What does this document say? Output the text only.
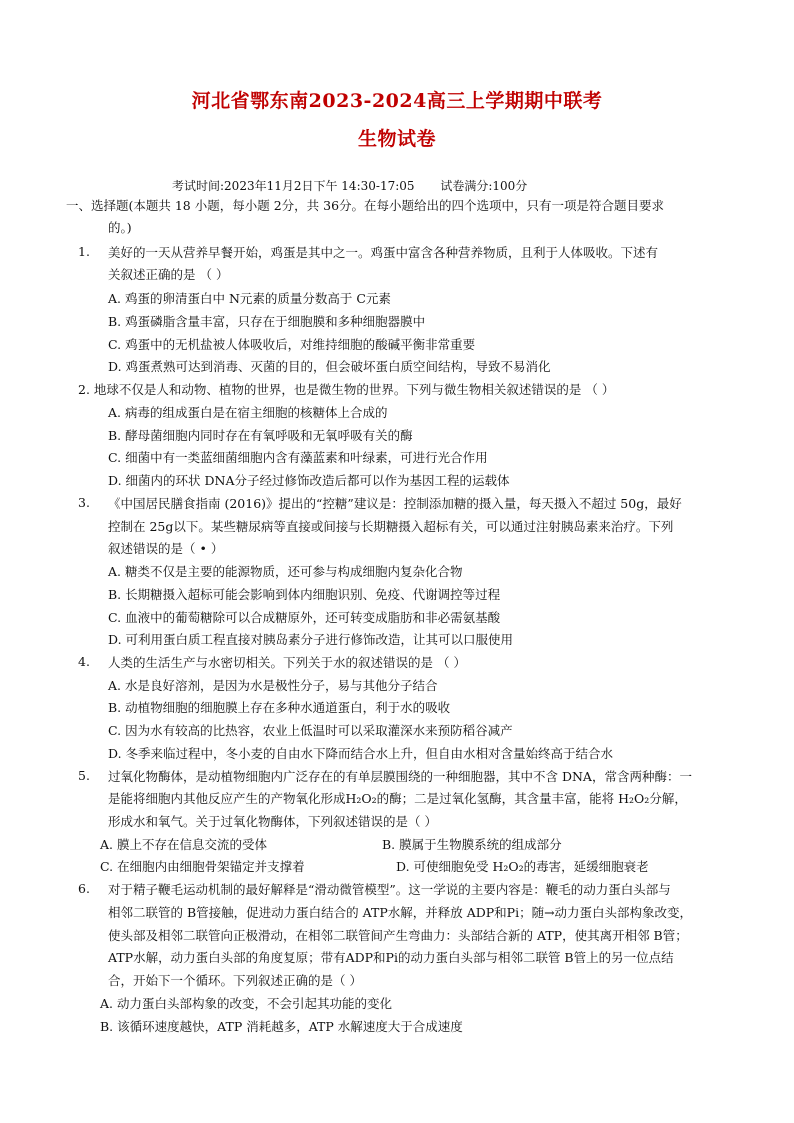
河北省鄂东南2023-2024高三上学期期中联考
生物试卷
考试时间:2023年11月2日下午 14:30-17:05 试卷满分:100分
一、选择题(本题共 18 小题，每小题 2分，共 36分。在每小题给出的四个选项中，只有一项是符合题目要求
的。)
1. 美好的一天从营养早餐开始，鸡蛋是其中之一。鸡蛋中富含各种营养物质，且利于人体吸收。下述有
关叙述正确的是 （ ）
A. 鸡蛋的卵清蛋白中 N元素的质量分数高于 C元素
B. 鸡蛋磷脂含量丰富，只存在于细胞膜和多种细胞器膜中
C. 鸡蛋中的无机盐被人体吸收后，对维持细胞的酸碱平衡非常重要
D. 鸡蛋煮熟可达到消毒、灭菌的目的，但会破坏蛋白质空间结构，导致不易消化
2. 地球不仅是人和动物、植物的世界，也是微生物的世界。下列与微生物相关叙述错误的是 （ ）
A. 病毒的组成蛋白是在宿主细胞的核糖体上合成的
B. 酵母菌细胞内同时存在有氧呼吸和无氧呼吸有关的酶
C. 细菌中有一类蓝细菌细胞内含有藻蓝素和叶绿素，可进行光合作用
D. 细菌内的环状 DNA分子经过修饰改造后都可以作为基因工程的运载体
3. 《中国居民膳食指南 (2016)》提出的“控糖”建议是：控制添加糖的摄入量，每天摄入不超过 50g，最好
控制在 25g以下。某些糖尿病等直接或间接与长期糖摄入超标有关，可以通过注射胰岛素来治疗。下列
叙述错误的是（ • ）
A. 糖类不仅是主要的能源物质，还可参与构成细胞内复杂化合物
B. 长期糖摄入超标可能会影响到体内细胞识别、免疫、代谢调控等过程
C. 血液中的葡萄糖除可以合成糖原外，还可转变成脂肪和非必需氨基酸
D. 可利用蛋白质工程直接对胰岛素分子进行修饰改造，让其可以口服使用
4. 人类的生活生产与水密切相关。下列关于水的叙述错误的是 （ ）
A. 水是良好溶剂，是因为水是极性分子，易与其他分子结合
B. 动植物细胞的细胞膜上存在多种水通道蛋白，利于水的吸收
C. 因为水有较高的比热容，农业上低温时可以采取灌深水来预防稻谷减产
D. 冬季来临过程中，冬小麦的自由水下降而结合水上升，但自由水相对含量始终高于结合水
5. 过氧化物酶体，是动植物细胞内广泛存在的有单层膜围绕的一种细胞器，其中不含 DNA，常含两种酶：一
是能将细胞内其他反应产生的产物氧化形成H₂O₂的酶；二是过氧化氢酶，其含量丰富，能将 H₂O₂分解，
形成水和氧气。关于过氧化物酶体，下列叙述错误的是（ ）
A. 膜上不存在信息交流的受体	B. 膜属于生物膜系统的组成部分
C. 在细胞内由细胞骨架锚定并支撑着	D. 可使细胞免受 H₂O₂的毒害，延缓细胞衰老
6. 对于精子鞭毛运动机制的最好解释是“滑动微管模型”。这一学说的主要内容是：鞭毛的动力蛋白头部与
相邻二联管的 B管接触，促进动力蛋白结合的 ATP水解，并释放 ADP和Pi；随→动力蛋白头部构象改变，
使头部及相邻二联管向正极滑动，在相邻二联管间产生弯曲力：头部结合新的 ATP，使其离开相邻 B管；
ATP水解，动力蛋白头部的角度复原；带有ADP和Pi的动力蛋白头部与相邻二联管 B管上的另一位点结
合，开始下一个循环。下列叙述正确的是（ ）
A. 动力蛋白头部构象的改变，不会引起其功能的变化
B. 该循环速度越快，ATP 消耗越多，ATP 水解速度大于合成速度
